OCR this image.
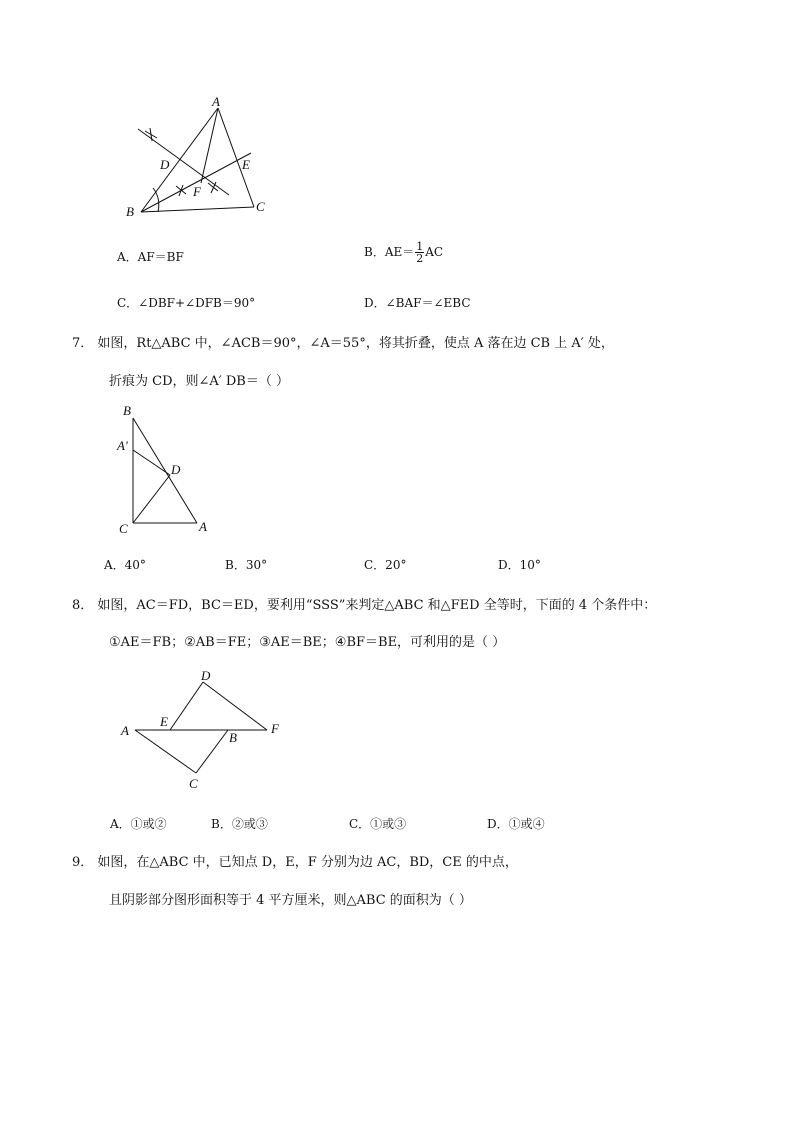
A
B	C
D	E
F
A．AF＝BF	B．$AE= \frac{1}{2}$ AC
C．∠DBF+∠DFB＝90°	D．∠BAF＝∠EBC
7． 如图，Rt△ABC 中，∠ACB＝90°，∠A＝55°，将其折叠，使点 A 落在边 CB 上 A′ 处，
折痕为 CD，则∠A′ DB＝（ ）
B
A′
D
C	A
A．40°	B．30°	C．20°	D．10°
8． 如图，AC＝FD，BC＝ED，要利用“SSS”来判定△ABC 和△FED 全等时，下面的 4 个条件中：
①AE＝FB；②AB＝FE；③AE＝BE；④BF＝BE，可利用的是（ ）
D
E
A	B
F
C
A．①或②	B．②或③	C．①或③	D．①或④
9． 如图，在△ABC 中，已知点 D，E，F 分别为边 AC，BD，CE 的中点，
且阴影部分图形面积等于 4 平方厘米，则△ABC 的面积为（ ）
